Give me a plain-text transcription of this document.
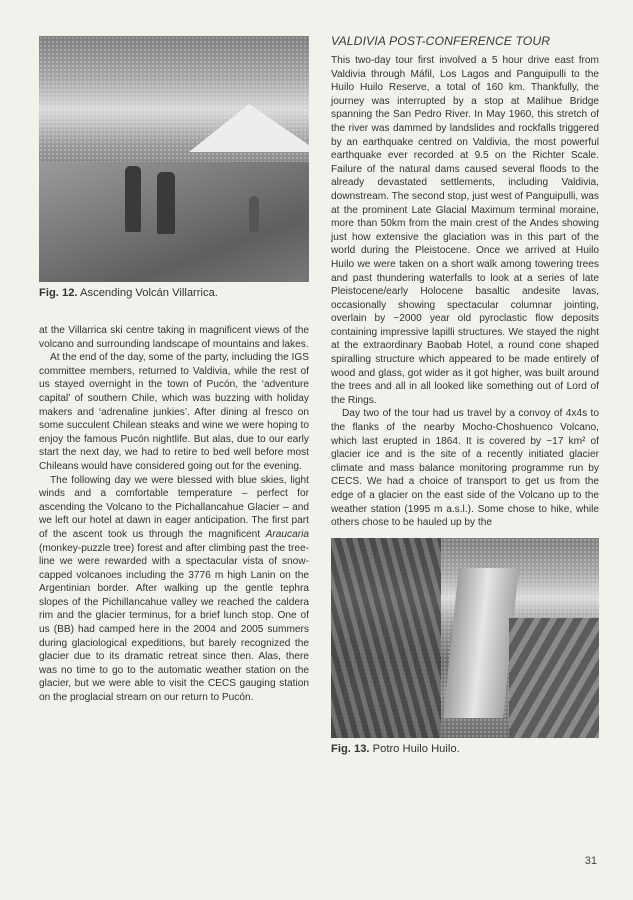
Fig. 12. Ascending Volcán Villarrica.

at the Villarrica ski centre taking in magnificent views of the volcano and surrounding landscape of mountains and lakes.

At the end of the day, some of the party, including the IGS committee members, returned to Valdivia, while the rest of us stayed overnight in the town of Pucón, the ‘adventure capital’ of southern Chile, which was buzzing with holiday makers and ‘adrenaline junkies’. After dining al fresco on some succulent Chilean steaks and wine we were hoping to enjoy the famous Pucón nightlife. But alas, due to our early start the next day, we had to retire to bed well before most Chileans would have considered going out for the evening.

The following day we were blessed with blue skies, light winds and a comfortable temperature – perfect for ascending the Volcano to the Pichallancahue Glacier – and we left our hotel at dawn in eager anticipation. The first part of the ascent took us through the magnificent Araucaria (monkey-puzzle tree) forest and after climbing past the tree-line we were rewarded with a spectacular vista of snow-capped volcanoes including the 3776 m high Lanin on the Argentinian border. After walking up the gentle tephra slopes of the Pichillancahue valley we reached the caldera rim and the glacier terminus, for a brief lunch stop. One of us (BB) had camped here in the 2004 and 2005 summers during glaciological expeditions, but barely recognized the glacier due to its dramatic retreat since then. Alas, there was no time to go to the automatic weather station on the glacier, but we were able to visit the CECS gauging station on the proglacial stream on our return to Pucón.

VALDIVIA POST-CONFERENCE TOUR

This two-day tour first involved a 5 hour drive east from Valdivia through Máfil, Los Lagos and Panguipulli to the Huilo Huilo Reserve, a total of 160 km. Thankfully, the journey was interrupted by a stop at Malihue Bridge spanning the San Pedro River. In May 1960, this stretch of the river was dammed by landslides and rockfalls triggered by an earthquake centred on Valdivia, the most powerful earthquake ever recorded at 9.5 on the Richter Scale. Failure of the natural dams caused several floods to the already devastated settlements, including Valdivia, downstream. The second stop, just west of Panguipulli, was at the prominent Late Glacial Maximum terminal moraine, more than 50km from the main crest of the Andes showing just how extensive the glaciation was in this part of the world during the Pleistocene. Once we arrived at Huilo Huilo we were taken on a short walk among towering trees and past thundering waterfalls to look at a series of late Pleistocene/early Holocene basaltic andesite lavas, occasionally showing spectacular columnar jointing, overlain by ~2000 year old pyroclastic flow deposits containing impressive lapilli structures. We stayed the night at the extraordinary Baobab Hotel, a round cone shaped spiralling structure which appeared to be made entirely of wood and glass, got wider as it got higher, was built around the trees and all in all looked like something out of Lord of the Rings.

Day two of the tour had us travel by a convoy of 4x4s to the flanks of the nearby Mocho-Choshuenco Volcano, which last erupted in 1864. It is covered by ~17 km² of glacier ice and is the site of a recently initiated glacier climate and mass balance monitoring programme run by CECS. We had a choice of transport to get us from the edge of a glacier on the east side of the Volcano up to the weather station (1995 m a.s.l.). Some chose to hike, while others chose to be hauled up by the

Fig. 13. Potro Huilo Huilo.

31
